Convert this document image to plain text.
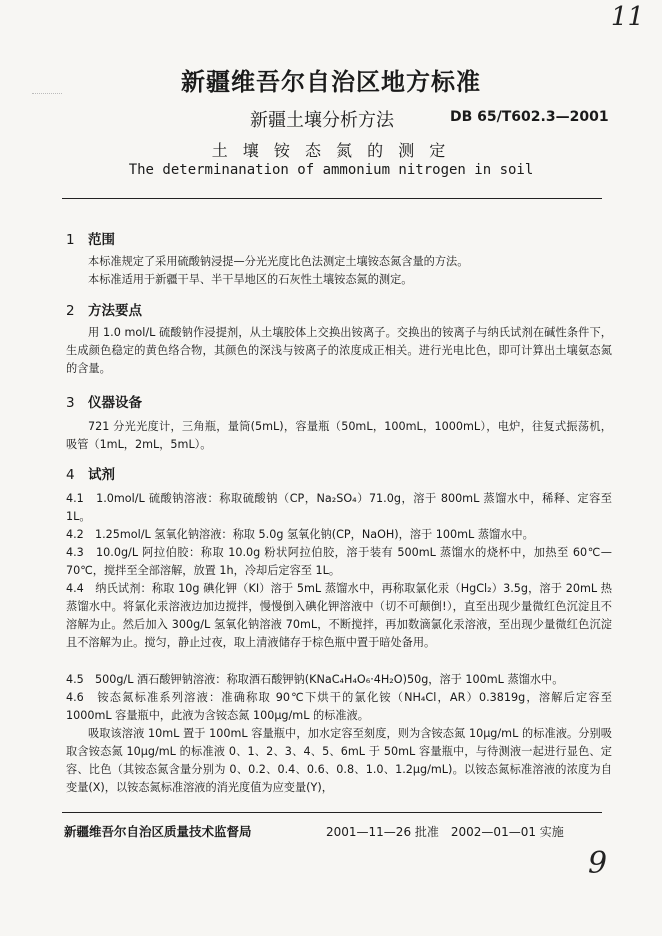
11
新疆维吾尔自治区地方标准
新疆土壤分析方法	DB 65/T602.3—2001
土 壤 铵 态 氮 的 测 定
The determinanation of ammonium nitrogen in soil
1 范围
本标准规定了采用硫酸钠浸提—分光光度比色法测定土壤铵态氮含量的方法。
本标准适用于新疆干旱、半干旱地区的石灰性土壤铵态氮的测定。
2 方法要点
用 1.0 mol/L 硫酸钠作浸提剂，从土壤胶体上交换出铵离子。交换出的铵离子与纳氏试剂在碱性条件下，生成颜色稳定的黄色络合物，其颜色的深浅与铵离子的浓度成正相关。进行光电比色，即可计算出土壤氨态氮的含量。
3 仪器设备
721 分光光度计，三角瓶，量筒(5mL)，容量瓶（50mL，100mL，1000mL），电炉，往复式振荡机，吸管（1mL，2mL，5mL）。
4 试剂
4.1　1.0mol/L 硫酸钠溶液：称取硫酸钠（CP，Na₂SO₄）71.0g，溶于 800mL 蒸馏水中，稀释、定容至 1L。
4.2　1.25mol/L 氢氧化钠溶液：称取 5.0g 氢氧化钠(CP，NaOH)，溶于 100mL 蒸馏水中。
4.3　10.0g/L 阿拉伯胶：称取 10.0g 粉状阿拉伯胶，溶于装有 500mL 蒸馏水的烧杯中，加热至 60℃—70℃，搅拌至全部溶解，放置 1h，冷却后定容至 1L。
4.4　纳氏试剂：称取 10g 碘化钾（KI）溶于 5mL 蒸馏水中，再称取氯化汞（HgCl₂）3.5g，溶于 20mL 热蒸馏水中。将氯化汞溶液边加边搅拌，慢慢倒入碘化钾溶液中（切不可颠倒!），直至出现少量微红色沉淀且不溶解为止。然后加入 300g/L 氢氧化钠溶液 70mL，不断搅拌，再加数滴氯化汞溶液，至出现少量微红色沉淀且不溶解为止。搅匀，静止过夜，取上清液储存于棕色瓶中置于暗处备用。
4.5　500g/L 酒石酸钾钠溶液：称取酒石酸钾钠(KNaC₄H₄O₆·4H₂O)50g，溶于 100mL 蒸馏水中。
4.6　铵态氮标准系列溶液：准确称取 90℃下烘干的氯化铵（NH₄Cl，AR）0.3819g，溶解后定容至 1000mL 容量瓶中，此液为含铵态氮 100μg/mL 的标准液。
吸取该溶液 10mL 置于 100mL 容量瓶中，加水定容至刻度，则为含铵态氮 10μg/mL 的标准液。分别吸取含铵态氮 10μg/mL 的标准液 0、1、2、3、4、5、6mL 于 50mL 容量瓶中，与待测液一起进行显色、定容、比色（其铵态氮含量分别为 0、0.2、0.4、0.6、0.8、1.0、1.2μg/mL)。以铵态氮标准溶液的浓度为自变量(X)，以铵态氮标准溶液的消光度值为应变量(Y)，
新疆维吾尔自治区质量技术监督局	2001—11—26 批准　2002—01—01 实施
9
